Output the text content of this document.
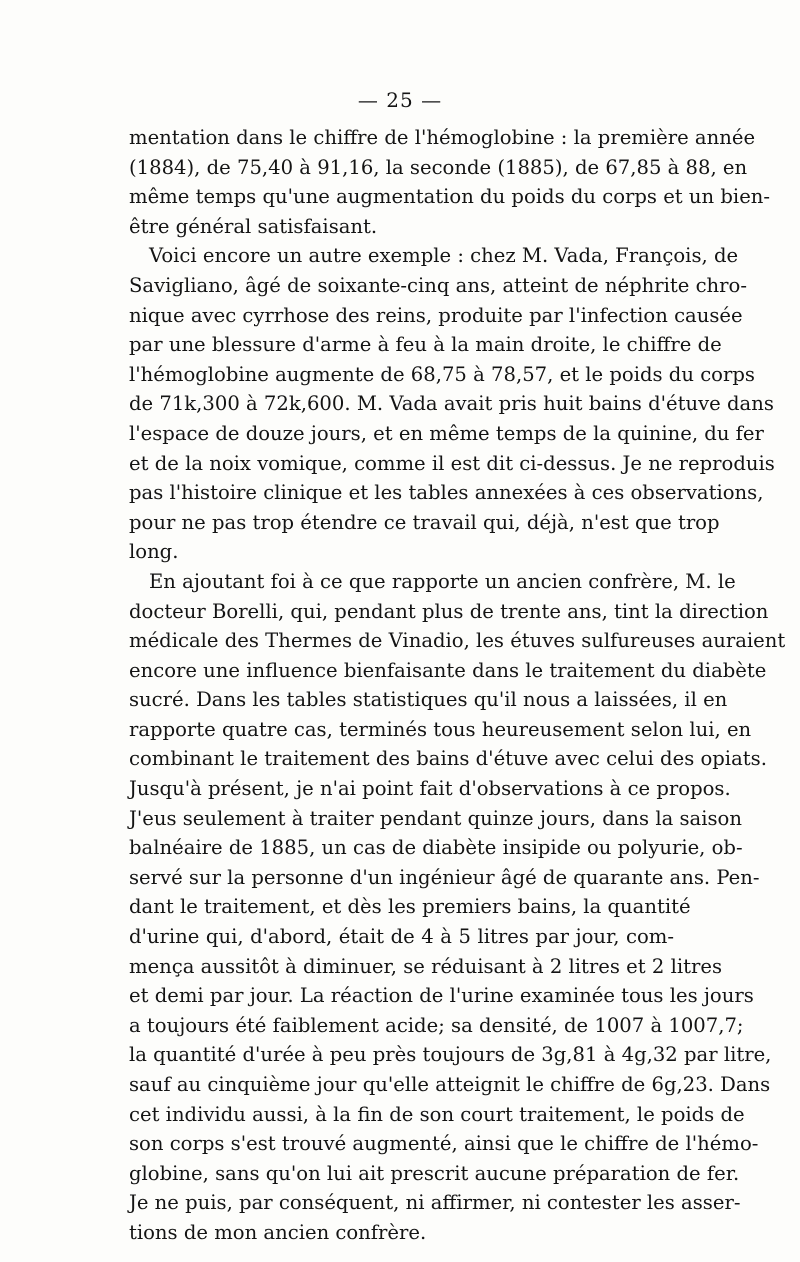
— 25 —
mentation dans le chiffre de l'hémoglobine : la première année
(1884), de 75,40 à 91,16, la seconde (1885), de 67,85 à 88, en
même temps qu'une augmentation du poids du corps et un bien-
être général satisfaisant.
Voici encore un autre exemple : chez M. Vada, François, de
Savigliano, âgé de soixante-cinq ans, atteint de néphrite chro-
nique avec cyrrhose des reins, produite par l'infection causée
par une blessure d'arme à feu à la main droite, le chiffre de
l'hémoglobine augmente de 68,75 à 78,57, et le poids du corps
de 71k,300 à 72k,600. M. Vada avait pris huit bains d'étuve dans
l'espace de douze jours, et en même temps de la quinine, du fer
et de la noix vomique, comme il est dit ci-dessus. Je ne reproduis
pas l'histoire clinique et les tables annexées à ces observations,
pour ne pas trop étendre ce travail qui, déjà, n'est que trop
long.
En ajoutant foi à ce que rapporte un ancien confrère, M. le
docteur Borelli, qui, pendant plus de trente ans, tint la direction
médicale des Thermes de Vinadio, les étuves sulfureuses auraient
encore une influence bienfaisante dans le traitement du diabète
sucré. Dans les tables statistiques qu'il nous a laissées, il en
rapporte quatre cas, terminés tous heureusement selon lui, en
combinant le traitement des bains d'étuve avec celui des opiats.
Jusqu'à présent, je n'ai point fait d'observations à ce propos.
J'eus seulement à traiter pendant quinze jours, dans la saison
balnéaire de 1885, un cas de diabète insipide ou polyurie, ob-
servé sur la personne d'un ingénieur âgé de quarante ans. Pen-
dant le traitement, et dès les premiers bains, la quantité
d'urine qui, d'abord, était de 4 à 5 litres par jour, com-
mença aussitôt à diminuer, se réduisant à 2 litres et 2 litres
et demi par jour. La réaction de l'urine examinée tous les jours
a toujours été faiblement acide; sa densité, de 1007 à 1007,7;
la quantité d'urée à peu près toujours de 3g,81 à 4g,32 par litre,
sauf au cinquième jour qu'elle atteignit le chiffre de 6g,23. Dans
cet individu aussi, à la fin de son court traitement, le poids de
son corps s'est trouvé augmenté, ainsi que le chiffre de l'hémo-
globine, sans qu'on lui ait prescrit aucune préparation de fer.
Je ne puis, par conséquent, ni affirmer, ni contester les asser-
tions de mon ancien confrère.
